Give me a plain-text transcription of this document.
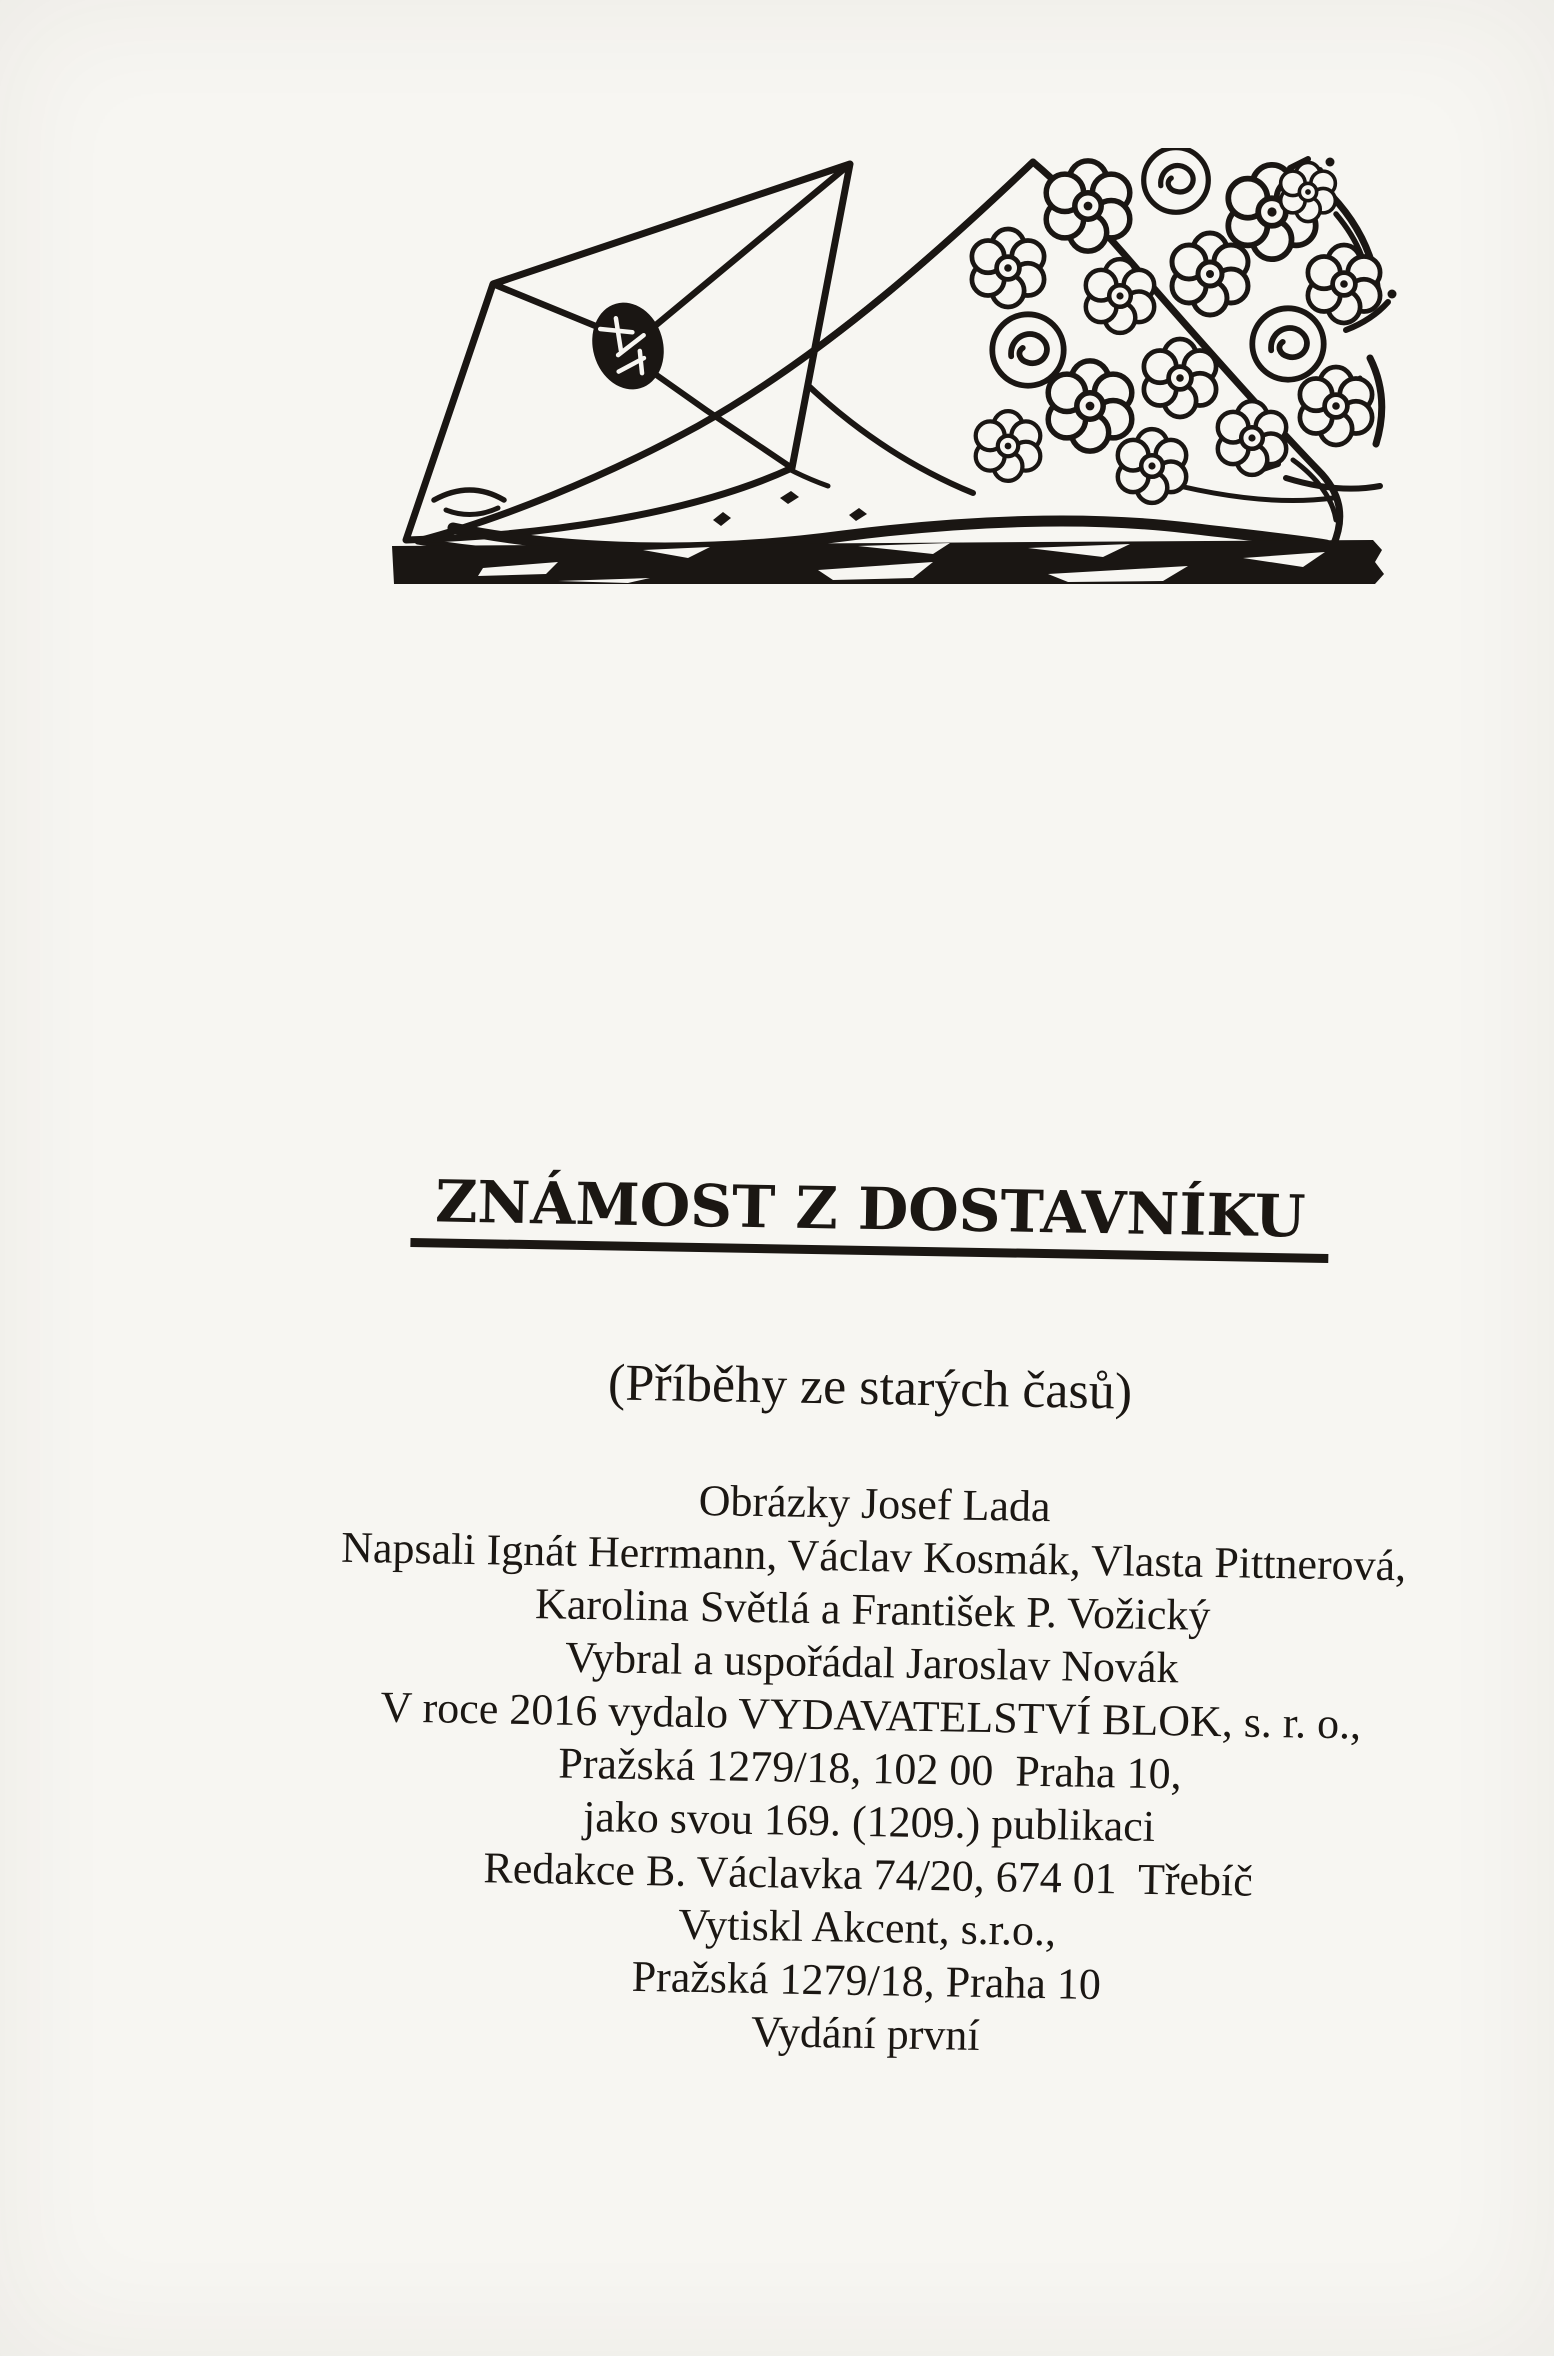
ZNÁMOST Z DOSTAVNÍKU
(Příběhy ze starých časů)

Obrázky Josef Lada

Napsali Ignát Herrmann, Václav Kosmák, Vlasta Pittnerová,

Karolina Světlá a František P. Vožický

Vybral a uspořádal Jaroslav Novák

V roce 2016 vydalo VYDAVATELSTVÍ BLOK, s. r. o.,

Pražská 1279/18, 102 00  Praha 10,

jako svou 169. (1209.) publikaci

Redakce B. Václavka 74/20, 674 01  Třebíč

Vytiskl Akcent, s.r.o.,

Pražská 1279/18, Praha 10

Vydání první
